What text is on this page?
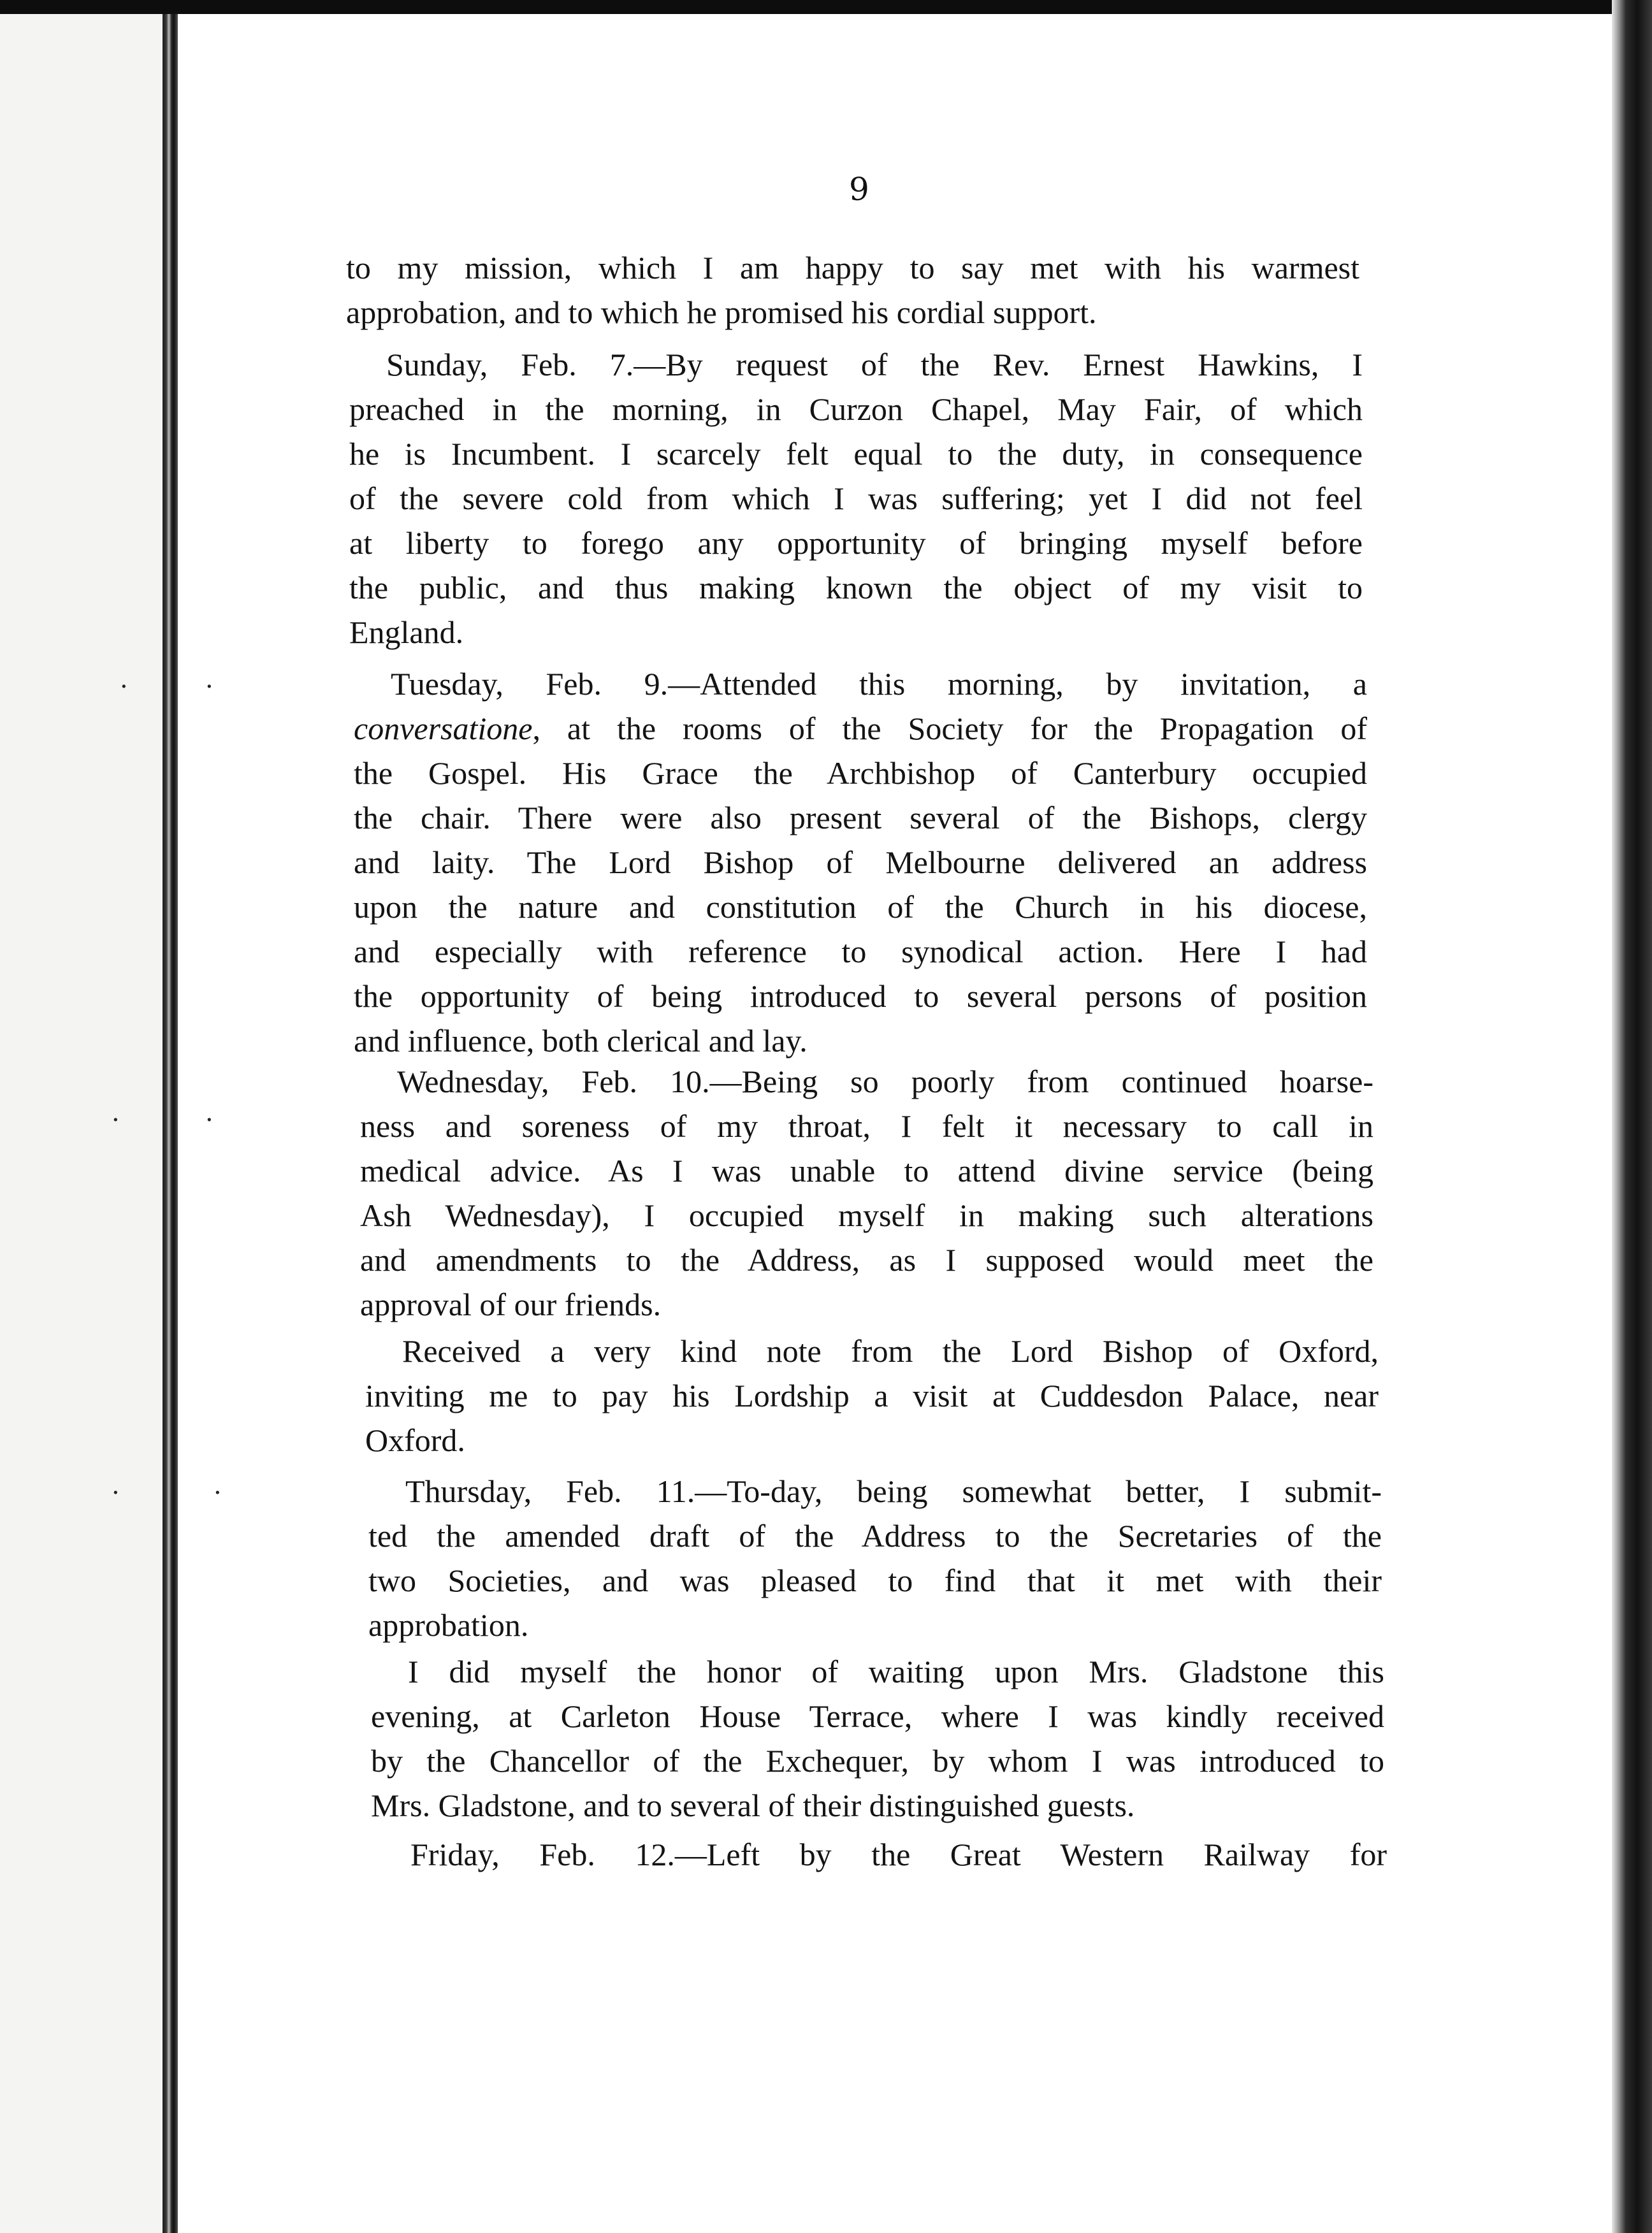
·	·
·	·
·	·
9
to my mission, which I am happy to say met with his warmest
approbation, and to which he promised his cordial support.
Sunday, Feb. 7.—By request of the Rev. Ernest Hawkins, I
preached in the morning, in Curzon Chapel, May Fair, of which
he is Incumbent. I scarcely felt equal to the duty, in consequence
of the severe cold from which I was suffering; yet I did not feel
at liberty to forego any opportunity of bringing myself before
the public, and thus making known the object of my visit to
England.
Tuesday, Feb. 9.—Attended this morning, by invitation, a
conversatione, at the rooms of the Society for the Propagation of
the Gospel. His Grace the Archbishop of Canterbury occupied
the chair. There were also present several of the Bishops, clergy
and laity. The Lord Bishop of Melbourne delivered an address
upon the nature and constitution of the Church in his diocese,
and especially with reference to synodical action. Here I had
the opportunity of being introduced to several persons of position
and influence, both clerical and lay.
Wednesday, Feb. 10.—Being so poorly from continued hoarse-
ness and soreness of my throat, I felt it necessary to call in
medical advice. As I was unable to attend divine service (being
Ash Wednesday), I occupied myself in making such alterations
and amendments to the Address, as I supposed would meet the
approval of our friends.
Received a very kind note from the Lord Bishop of Oxford,
inviting me to pay his Lordship a visit at Cuddesdon Palace, near
Oxford.
Thursday, Feb. 11.—To-day, being somewhat better, I submit-
ted the amended draft of the Address to the Secretaries of the
two Societies, and was pleased to find that it met with their
approbation.
I did myself the honor of waiting upon Mrs. Gladstone this
evening, at Carleton House Terrace, where I was kindly received
by the Chancellor of the Exchequer, by whom I was introduced to
Mrs. Gladstone, and to several of their distinguished guests.
Friday, Feb. 12.—Left by the Great Western Railway for
